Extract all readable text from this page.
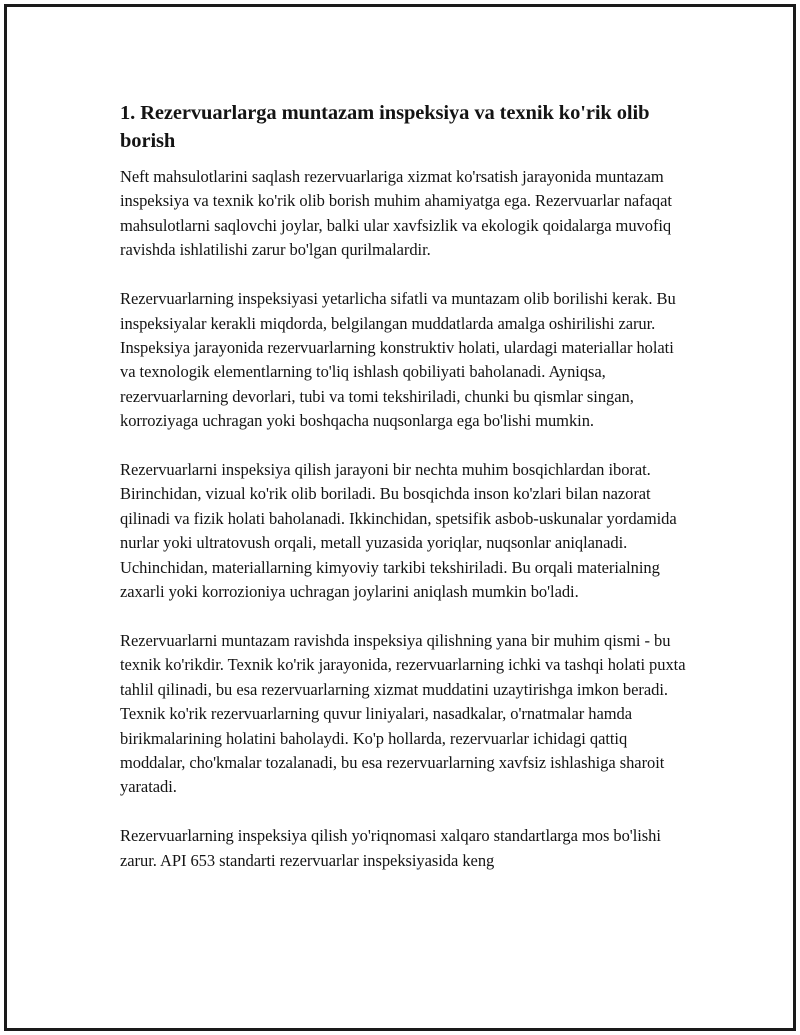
1. Rezervuarlarga muntazam inspeksiya va texnik ko'rik olib borish

Neft mahsulotlarini saqlash rezervuarlariga xizmat ko'rsatish jarayonida muntazam inspeksiya va texnik ko'rik olib borish muhim ahamiyatga ega. Rezervuarlar nafaqat mahsulotlarni saqlovchi joylar, balki ular xavfsizlik va ekologik qoidalarga muvofiq ravishda ishlatilishi zarur bo'lgan qurilmalardir.

Rezervuarlarning inspeksiyasi yetarlicha sifatli va muntazam olib borilishi kerak. Bu inspeksiyalar kerakli miqdorda, belgilangan muddatlarda amalga oshirilishi zarur. Inspeksiya jarayonida rezervuarlarning konstruktiv holati, ulardagi materiallar holati va texnologik elementlarning to'liq ishlash qobiliyati baholanadi. Ayniqsa, rezervuarlarning devorlari, tubi va tomi tekshiriladi, chunki bu qismlar singan, korroziyaga uchragan yoki boshqacha nuqsonlarga ega bo'lishi mumkin.

Rezervuarlarni inspeksiya qilish jarayoni bir nechta muhim bosqichlardan iborat. Birinchidan, vizual ko'rik olib boriladi. Bu bosqichda inson ko'zlari bilan nazorat qilinadi va fizik holati baholanadi. Ikkinchidan, spetsifik asbob-uskunalar yordamida nurlar yoki ultratovush orqali, metall yuzasida yoriqlar, nuqsonlar aniqlanadi. Uchinchidan, materiallarning kimyoviy tarkibi tekshiriladi. Bu orqali materialning zaxarli yoki korrozioniya uchragan joylarini aniqlash mumkin bo'ladi.

Rezervuarlarni muntazam ravishda inspeksiya qilishning yana bir muhim qismi - bu texnik ko'rikdir. Texnik ko'rik jarayonida, rezervuarlarning ichki va tashqi holati puxta tahlil qilinadi, bu esa rezervuarlarning xizmat muddatini uzaytirishga imkon beradi. Texnik ko'rik rezervuarlarning quvur liniyalari, nasadkalar, o'rnatmalar hamda birikmalarining holatini baholaydi. Ko'p hollarda, rezervuarlar ichidagi qattiq moddalar, cho'kmalar tozalanadi, bu esa rezervuarlarning xavfsiz ishlashiga sharoit yaratadi.

Rezervuarlarning inspeksiya qilish yo'riqnomasi xalqaro standartlarga mos bo'lishi zarur. API 653 standarti rezervuarlar inspeksiyasida keng
